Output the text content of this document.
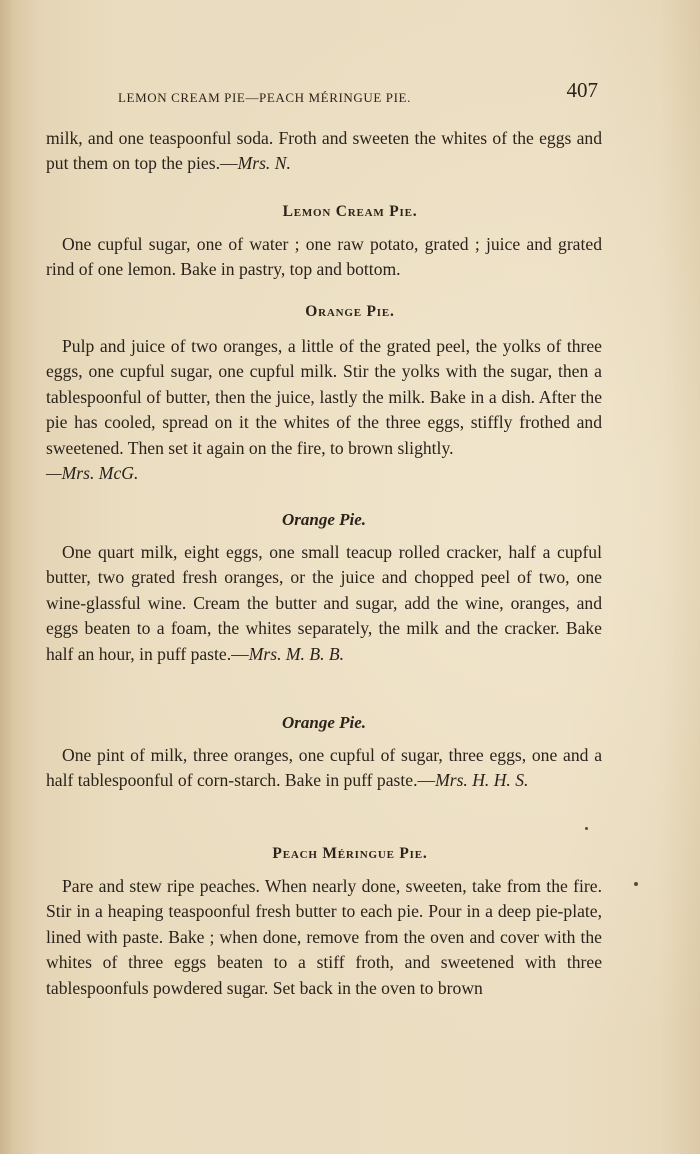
LEMON CREAM PIE—PEACH MÉRINGUE PIE.	407

milk, and one teaspoonful soda. Froth and sweeten the whites of the eggs and put them on top the pies.—Mrs. N.

Lemon Cream Pie.

One cupful sugar, one of water ; one raw potato, grated ; juice and grated rind of one lemon. Bake in pastry, top and bottom.

Orange Pie.

Pulp and juice of two oranges, a little of the grated peel, the yolks of three eggs, one cupful sugar, one cupful milk. Stir the yolks with the sugar, then a tablespoonful of butter, then the juice, lastly the milk. Bake in a dish. After the pie has cooled, spread on it the whites of the three eggs, stiffly frothed and sweetened. Then set it again on the fire, to brown slightly.
—Mrs. McG.

Orange Pie.

One quart milk, eight eggs, one small teacup rolled cracker, half a cupful butter, two grated fresh oranges, or the juice and chopped peel of two, one wine-glassful wine. Cream the butter and sugar, add the wine, oranges, and eggs beaten to a foam, the whites separately, the milk and the cracker. Bake half an hour, in puff paste.—Mrs. M. B. B.

Orange Pie.

One pint of milk, three oranges, one cupful of sugar, three eggs, one and a half tablespoonful of corn-starch. Bake in puff paste.—Mrs. H. H. S.

Peach Méringue Pie.

Pare and stew ripe peaches. When nearly done, sweeten, take from the fire. Stir in a heaping teaspoonful fresh butter to each pie. Pour in a deep pie-plate, lined with paste. Bake ; when done, remove from the oven and cover with the whites of three eggs beaten to a stiff froth, and sweetened with three tablespoonfuls powdered sugar. Set back in the oven to brown
